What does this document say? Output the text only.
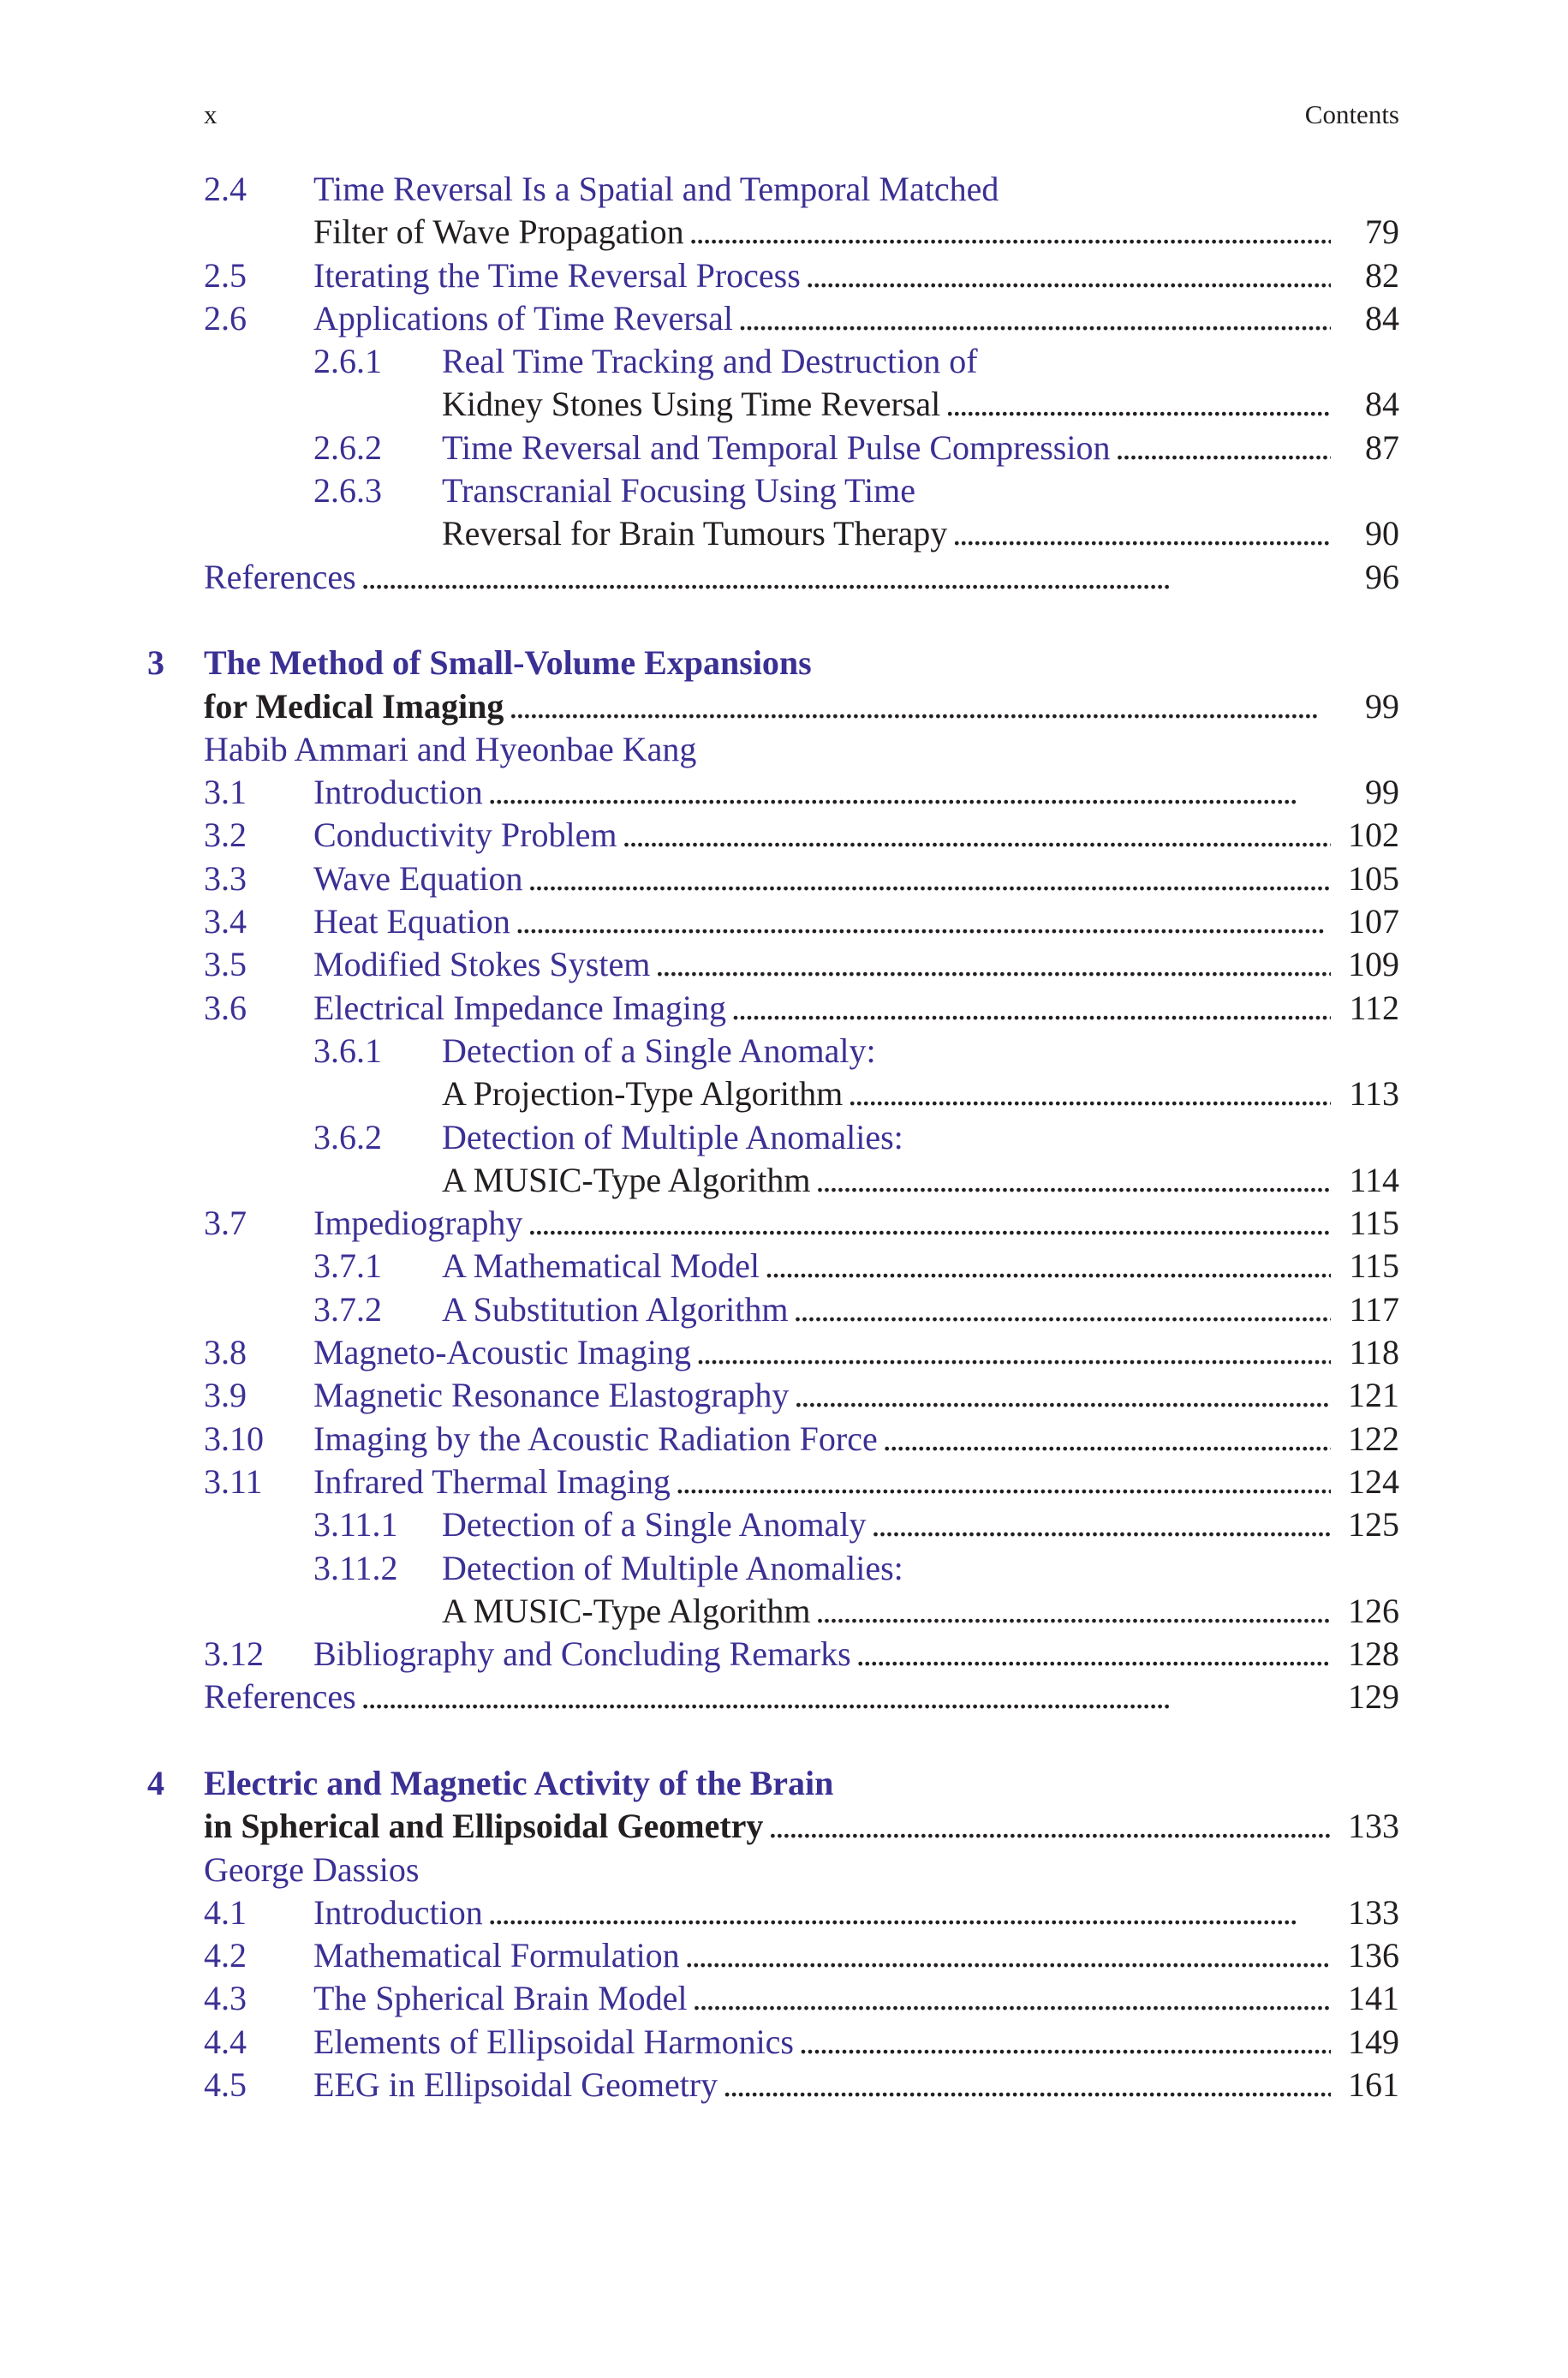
x	Contents
2.4 Time Reversal Is a Spatial and Temporal Matched
Filter of Wave Propagation . . .	79
2.5 Iterating the Time Reversal Process . . .	82
2.6 Applications of Time Reversal . . .	84
2.6.1 Real Time Tracking and Destruction of
Kidney Stones Using Time Reversal . . .	84
2.6.2 Time Reversal and Temporal Pulse Compression . . .	87
2.6.3 Transcranial Focusing Using Time
Reversal for Brain Tumours Therapy . . .	90
References . . .	96
3 The Method of Small-Volume Expansions
for Medical Imaging . . .	99
Habib Ammari and Hyeonbae Kang
3.1 Introduction . . .	99
3.2 Conductivity Problem . . .	102
3.3 Wave Equation . . .	105
3.4 Heat Equation . . .	107
3.5 Modified Stokes System . . .	109
3.6 Electrical Impedance Imaging . . .	112
3.6.1 Detection of a Single Anomaly:
A Projection-Type Algorithm . . .	113
3.6.2 Detection of Multiple Anomalies:
A MUSIC-Type Algorithm . . .	114
3.7 Impediography . . .	115
3.7.1 A Mathematical Model . . .	115
3.7.2 A Substitution Algorithm . . .	117
3.8 Magneto-Acoustic Imaging . . .	118
3.9 Magnetic Resonance Elastography . . .	121
3.10 Imaging by the Acoustic Radiation Force . . .	122
3.11 Infrared Thermal Imaging . . .	124
3.11.1 Detection of a Single Anomaly . . .	125
3.11.2 Detection of Multiple Anomalies:
A MUSIC-Type Algorithm . . .	126
3.12 Bibliography and Concluding Remarks . . .	128
References . . .	129
4 Electric and Magnetic Activity of the Brain
in Spherical and Ellipsoidal Geometry . . .	133
George Dassios
4.1 Introduction . . .	133
4.2 Mathematical Formulation . . .	136
4.3 The Spherical Brain Model . . .	141
4.4 Elements of Ellipsoidal Harmonics . . .	149
4.5 EEG in Ellipsoidal Geometry . . .	161
